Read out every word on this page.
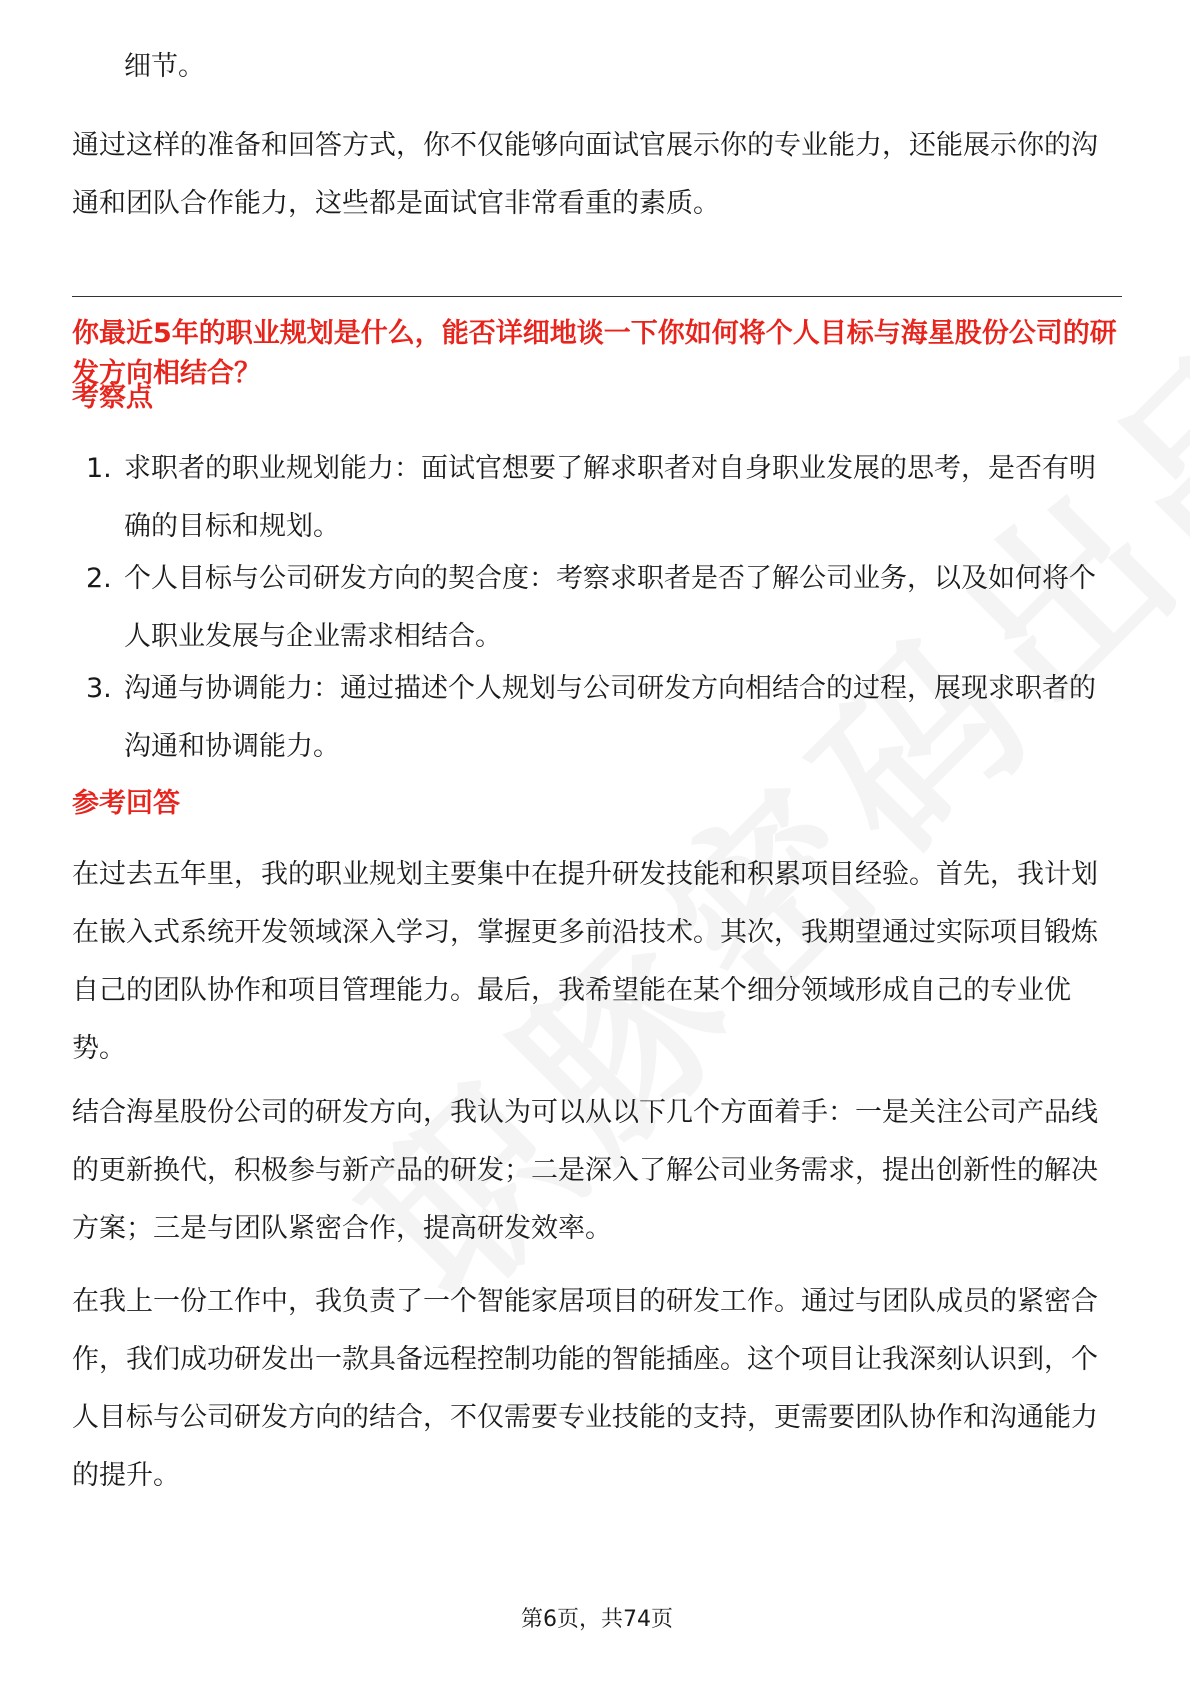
细节。

通过这样的准备和回答方式，你不仅能够向面试官展示你的专业能力，还能展示你的沟通和团队合作能力，这些都是面试官非常看重的素质。

你最近5年的职业规划是什么，能否详细地谈一下你如何将个人目标与海星股份公司的研发方向相结合？

考察点

1. 求职者的职业规划能力：面试官想要了解求职者对自身职业发展的思考，是否有明确的目标和规划。

2. 个人目标与公司研发方向的契合度：考察求职者是否了解公司业务，以及如何将个人职业发展与企业需求相结合。

3. 沟通与协调能力：通过描述个人规划与公司研发方向相结合的过程，展现求职者的沟通和协调能力。

参考回答

在过去五年里，我的职业规划主要集中在提升研发技能和积累项目经验。首先，我计划在嵌入式系统开发领域深入学习，掌握更多前沿技术。其次，我期望通过实际项目锻炼自己的团队协作和项目管理能力。最后，我希望能在某个细分领域形成自己的专业优势。

结合海星股份公司的研发方向，我认为可以从以下几个方面着手：一是关注公司产品线的更新换代，积极参与新产品的研发；二是深入了解公司业务需求，提出创新性的解决方案；三是与团队紧密合作，提高研发效率。

在我上一份工作中，我负责了一个智能家居项目的研发工作。通过与团队成员的紧密合作，我们成功研发出一款具备远程控制功能的智能插座。这个项目让我深刻认识到，个人目标与公司研发方向的结合，不仅需要专业技能的支持，更需要团队协作和沟通能力的提升。

第6页，共74页
